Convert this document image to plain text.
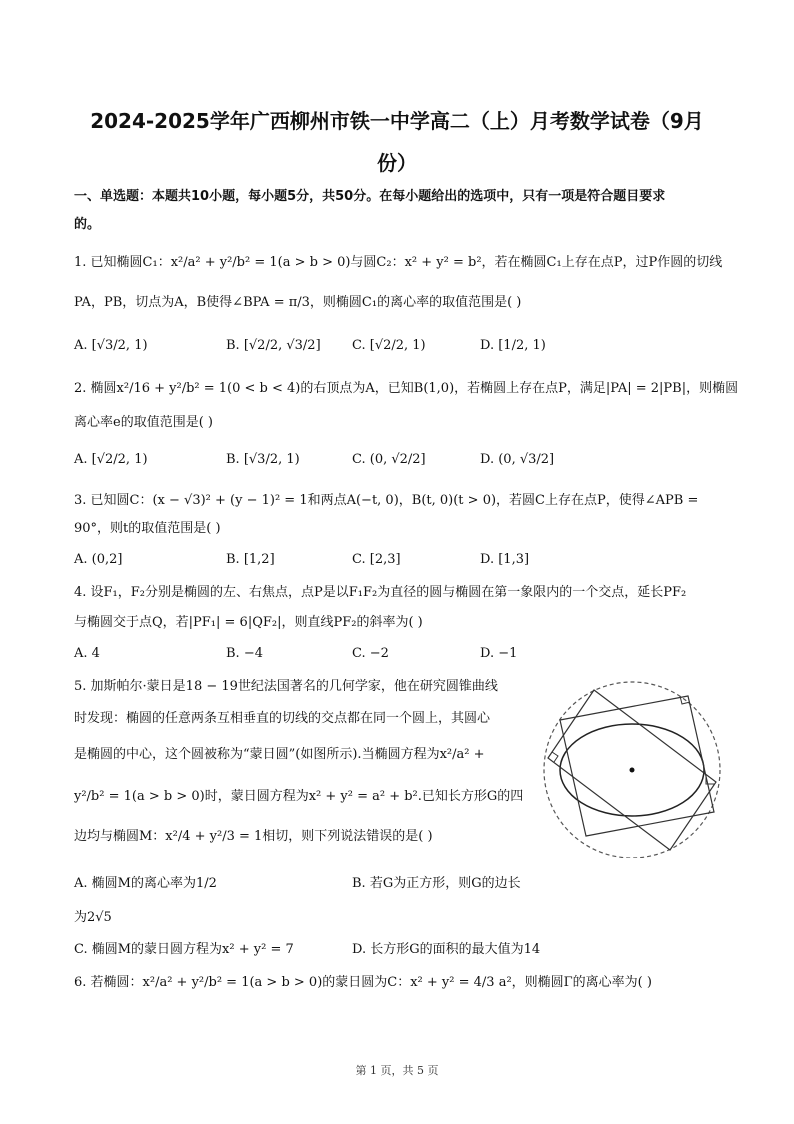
2024-2025学年广西柳州市铁一中学高二（上）月考数学试卷（9月
份）
一、单选题：本题共10小题，每小题5分，共50分。在每小题给出的选项中，只有一项是符合题目要求
的。
1. 已知椭圆C₁：x²/a² + y²/b² = 1(a > b > 0)与圆C₂：x² + y² = b²，若在椭圆C₁上存在点P，过P作圆的切线
PA，PB，切点为A，B使得∠BPA = π/3，则椭圆C₁的离心率的取值范围是( )
A. [√3/2, 1)	B. [√2/2, √3/2] C. [√2/2, 1)	D. [1/2, 1)
2. 椭圆x²/16 + y²/b² = 1(0 < b < 4)的右顶点为A，已知B(1,0)，若椭圆上存在点P，满足|PA| = 2|PB|，则椭圆
离心率e的取值范围是( )
A. [√2/2, 1)	B. [√3/2, 1)	C. (0, √2/2]	D. (0, √3/2]
3. 已知圆C：(x − √3)² + (y − 1)² = 1和两点A(−t, 0)，B(t, 0)(t > 0)，若圆C上存在点P，使得∠APB =
90°，则t的取值范围是( )
A. (0,2]	B. [1,2]	C. [2,3]	D. [1,3]
4. 设F₁，F₂分别是椭圆的左、右焦点，点P是以F₁F₂为直径的圆与椭圆在第一象限内的一个交点，延长PF₂
与椭圆交于点Q，若|PF₁| = 6|QF₂|，则直线PF₂的斜率为( )
A. 4	B. −4	C. −2	D. −1
5. 加斯帕尔·蒙日是18 − 19世纪法国著名的几何学家，他在研究圆锥曲线
时发现：椭圆的任意两条互相垂直的切线的交点都在同一个圆上，其圆心
是椭圆的中心，这个圆被称为“蒙日圆”(如图所示).当椭圆方程为x²/a² +
y²/b² = 1(a > b > 0)时，蒙日圆方程为x² + y² = a² + b².已知长方形G的四
边均与椭圆M：x²/4 + y²/3 = 1相切，则下列说法错误的是( )
A. 椭圆M的离心率为1/2	B. 若G为正方形，则G的边长
为2√5
C. 椭圆M的蒙日圆方程为x² + y² = 7	D. 长方形G的面积的最大值为14
6. 若椭圆：x²/a² + y²/b² = 1(a > b > 0)的蒙日圆为C：x² + y² = 4/3 a²，则椭圆Γ的离心率为( )
第 1 页，共 5 页
